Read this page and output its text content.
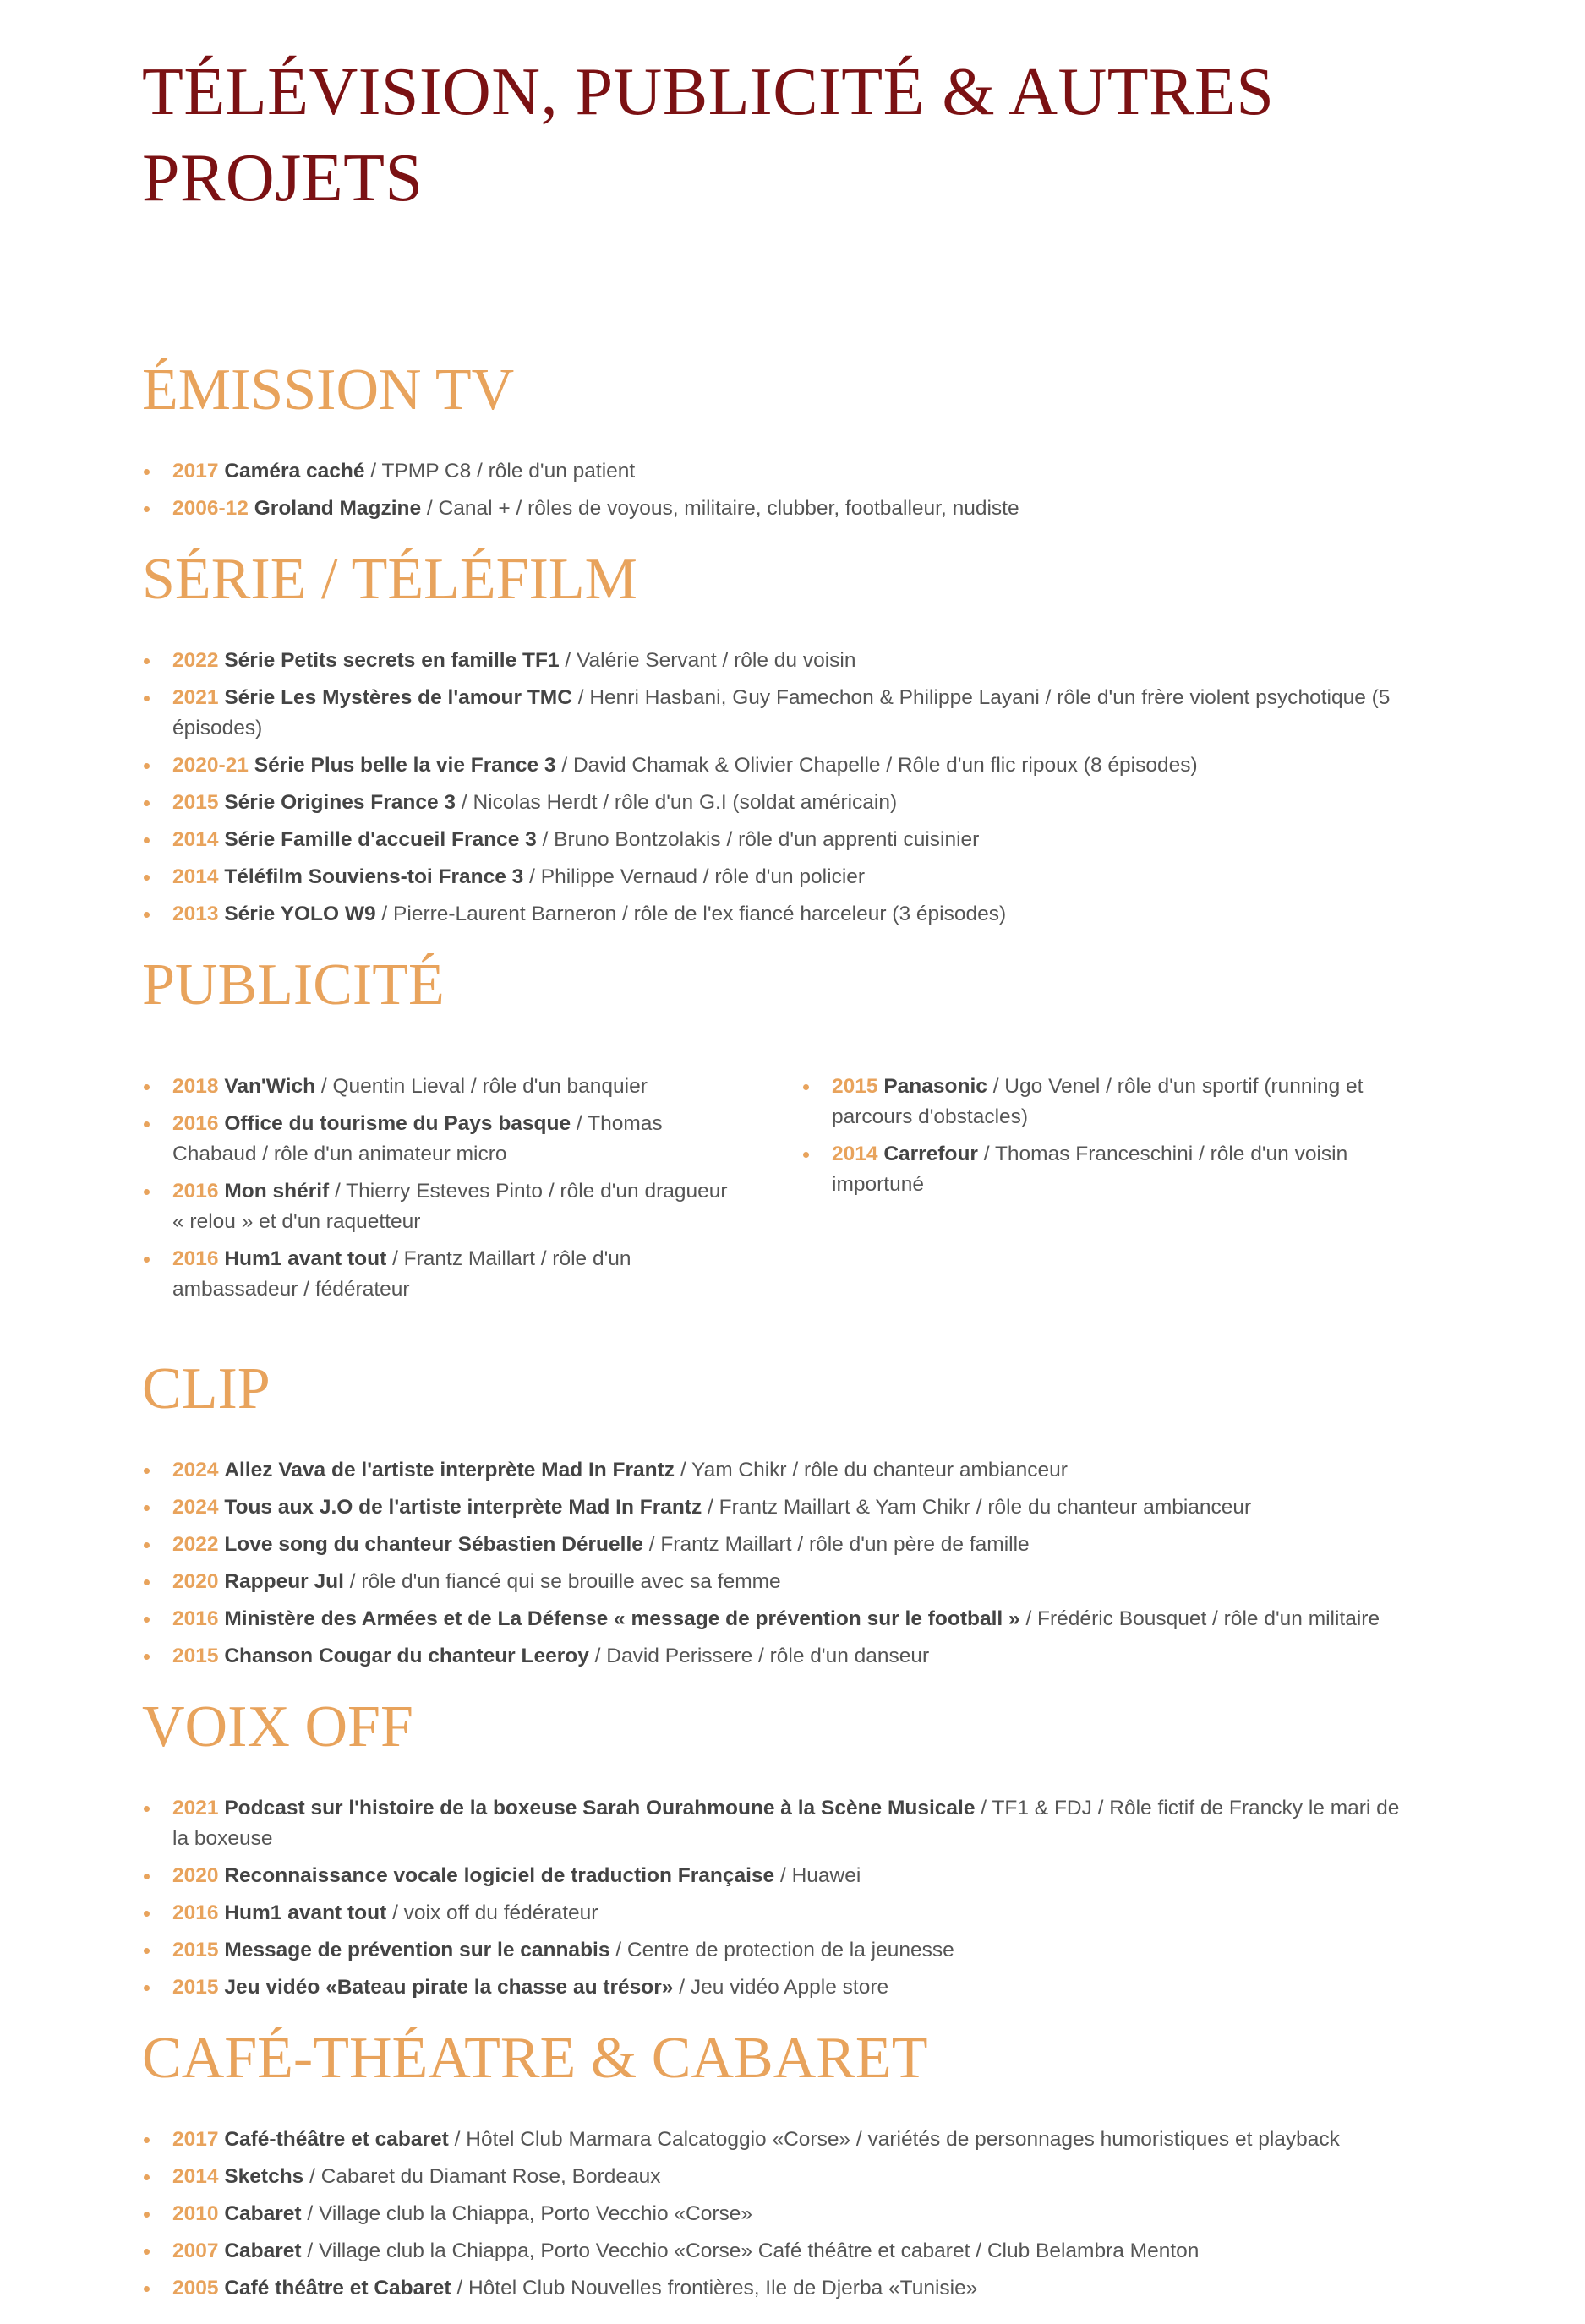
TÉLÉVISION, PUBLICITÉ & AUTRES PROJETS
ÉMISSION TV
2017 Caméra caché / TPMP C8 / rôle d'un patient
2006-12 Groland Magzine / Canal + / rôles de voyous, militaire, clubber, footballeur, nudiste
SÉRIE / TÉLÉFILM
2022 Série Petits secrets en famille TF1 / Valérie Servant / rôle du voisin
2021 Série Les Mystères de l'amour TMC / Henri Hasbani, Guy Famechon & Philippe Layani / rôle d'un frère violent psychotique (5 épisodes)
2020-21 Série Plus belle la vie France 3 / David Chamak & Olivier Chapelle / Rôle d'un flic ripoux (8 épisodes)
2015 Série Origines France 3 / Nicolas Herdt / rôle d'un G.I (soldat américain)
2014 Série Famille d'accueil France 3 / Bruno Bontzolakis / rôle d'un apprenti cuisinier
2014 Téléfilm Souviens-toi France 3 / Philippe Vernaud / rôle d'un policier
2013 Série YOLO W9 / Pierre-Laurent Barneron / rôle de l'ex fiancé harceleur (3 épisodes)
PUBLICITÉ
2018 Van'Wich / Quentin Lieval / rôle d'un banquier
2016 Office du tourisme du Pays basque / Thomas Chabaud / rôle d'un animateur micro
2016 Mon shérif / Thierry Esteves Pinto / rôle d'un dragueur « relou » et d'un raquetteur
2016 Hum1 avant tout / Frantz Maillart / rôle d'un ambassadeur / fédérateur
2015 Panasonic / Ugo Venel / rôle d'un sportif (running et parcours d'obstacles)
2014 Carrefour / Thomas Franceschini / rôle d'un voisin importuné
CLIP
2024 Allez Vava de l'artiste interprète Mad In Frantz / Yam Chikr / rôle du chanteur ambianceur
2024 Tous aux J.O de l'artiste interprète Mad In Frantz / Frantz Maillart & Yam Chikr / rôle du chanteur ambianceur
2022 Love song du chanteur Sébastien Déruelle / Frantz Maillart / rôle d'un père de famille
2020 Rappeur Jul / rôle d'un fiancé qui se brouille avec sa femme
2016 Ministère des Armées et de La Défense « message de prévention sur le football » / Frédéric Bousquet / rôle d'un militaire
2015 Chanson Cougar du chanteur Leeroy / David Perissere / rôle d'un danseur
VOIX OFF
2021 Podcast sur l'histoire de la boxeuse Sarah Ourahmoune à la Scène Musicale / TF1 & FDJ / Rôle fictif de Francky le mari de la boxeuse
2020 Reconnaissance vocale logiciel de traduction Française / Huawei
2016 Hum1 avant tout / voix off du fédérateur
2015 Message de prévention sur le cannabis / Centre de protection de la jeunesse
2015 Jeu vidéo «Bateau pirate la chasse au trésor» / Jeu vidéo Apple store
CAFÉ-THÉATRE & CABARET
2017 Café-théâtre et cabaret / Hôtel Club Marmara Calcatoggio «Corse» / variétés de personnages humoristiques et playback
2014 Sketchs / Cabaret du Diamant Rose, Bordeaux
2010 Cabaret / Village club la Chiappa, Porto Vecchio «Corse»
2007 Cabaret / Village club la Chiappa, Porto Vecchio «Corse» Café théâtre et cabaret / Club Belambra Menton
2005 Café théâtre et Cabaret / Hôtel Club Nouvelles frontières, Ile de Djerba «Tunisie»
